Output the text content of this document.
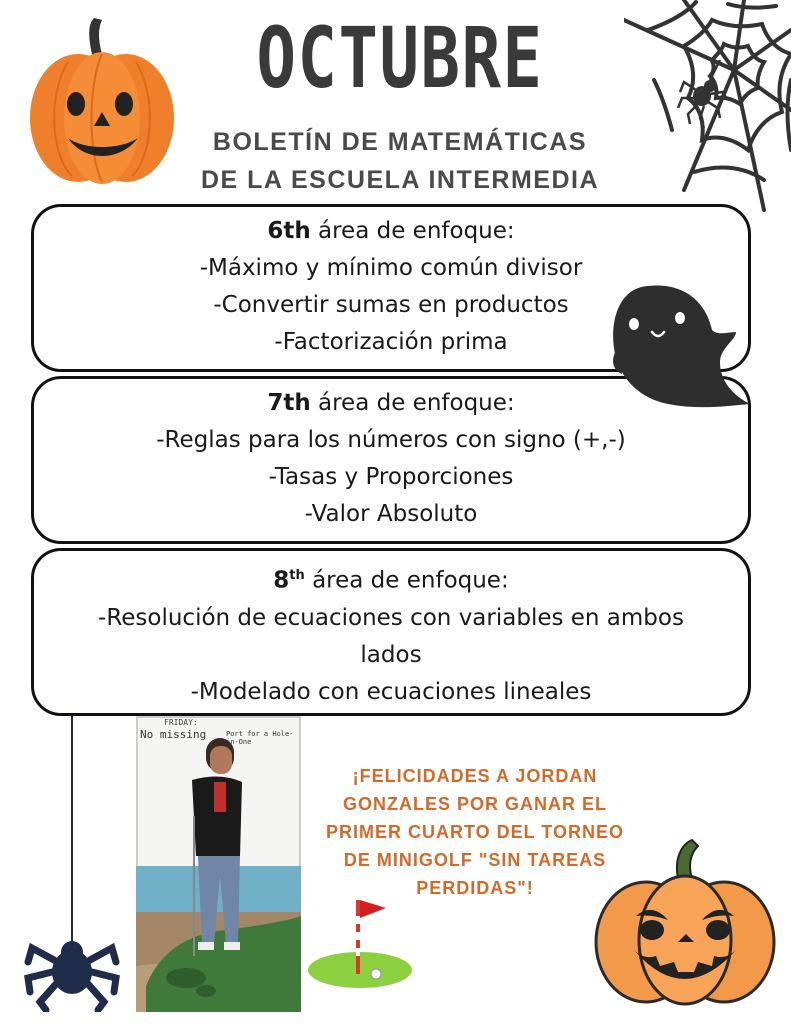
OCTUBRE
BOLETÍN DE MATEMÁTICAS
DE LA ESCUELA INTERMEDIA
6th área de enfoque:
-Máximo y mínimo común divisor
-Convertir sumas en productos
-Factorización prima
7th área de enfoque:
-Reglas para los números con signo (+,-)
-Tasas y Proporciones
-Valor Absoluto
8th área de enfoque:
-Resolución de ecuaciones con variables en ambos
lados
-Modelado con ecuaciones lineales
FRIDAY:
No missing	Port for a Hole-in-One
¡FELICIDADES A JORDAN
GONZALES POR GANAR EL
PRIMER CUARTO DEL TORNEO
DE MINIGOLF "SIN TAREAS
PERDIDAS"!
